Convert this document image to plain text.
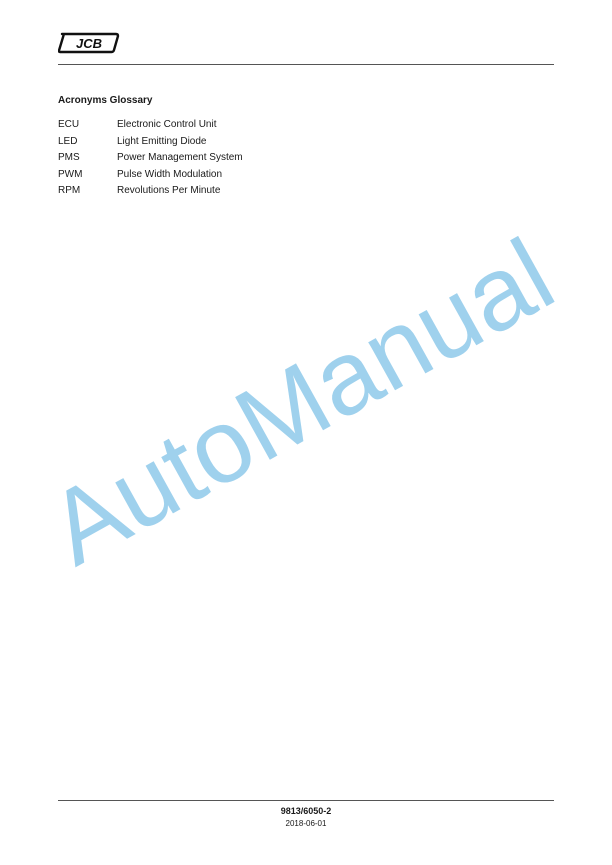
JCB
Acronyms Glossary
ECU	Electronic Control Unit
LED	Light Emitting Diode
PMS	Power Management System
PWM	Pulse Width Modulation
RPM	Revolutions Per Minute
AutoManual
9813/6050-2
2018-06-01
